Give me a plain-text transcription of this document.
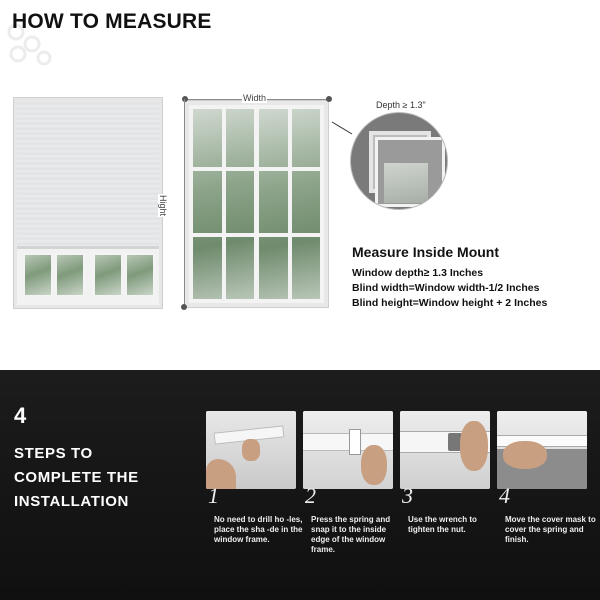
HOW TO MEASURE
Width
Hight
Depth ≥ 1.3"
Measure Inside Mount
Window depth≥ 1.3 Inches
Blind width=Window width-1/2 Inches
Blind height=Window height + 2 Inches
4
STEPS TO
COMPLETE THE
INSTALLATION	1
No need to drill ho -les, place the sha -de in the window frame.
2
Press the spring and snap it to the inside edge of the window frame.
3
Use the wrench to tighten the nut.
4
Move the cover mask to cover the spring and finish.
